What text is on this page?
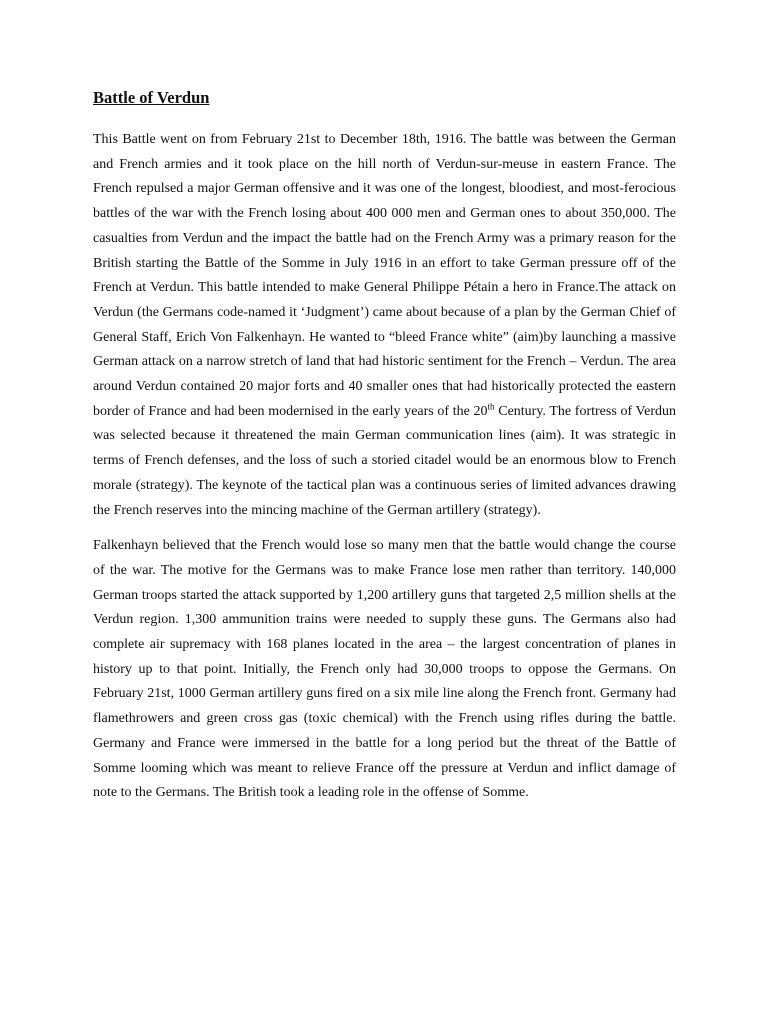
Battle of Verdun

This Battle went on from February 21st to December 18th, 1916. The battle was between the German and French armies and it took place on the hill north of Verdun-sur-meuse in eastern France. The French repulsed a major German offensive and it was one of the longest, bloodiest, and most-ferocious battles of the war with the French losing about 400 000 men and German ones to about 350,000. The casualties from Verdun and the impact the battle had on the French Army was a primary reason for the British starting the Battle of the Somme in July 1916 in an effort to take German pressure off of the French at Verdun. This battle intended to make General Philippe Pétain a hero in France.The attack on Verdun (the Germans code-named it ‘Judgment’) came about because of a plan by the German Chief of General Staff, Erich Von Falkenhayn. He wanted to “bleed France white” (aim)by launching a massive German attack on a narrow stretch of land that had historic sentiment for the French – Verdun. The area around Verdun contained 20 major forts and 40 smaller ones that had historically protected the eastern border of France and had been modernised in the early years of the 20th Century. The fortress of Verdun was selected because it threatened the main German communication lines (aim). It was strategic in terms of French defenses, and the loss of such a storied citadel would be an enormous blow to French morale (strategy). The keynote of the tactical plan was a continuous series of limited advances drawing the French reserves into the mincing machine of the German artillery (strategy).

Falkenhayn believed that the French would lose so many men that the battle would change the course of the war. The motive for the Germans was to make France lose men rather than territory. 140,000 German troops started the attack supported by 1,200 artillery guns that targeted 2,5 million shells at the Verdun region. 1,300 ammunition trains were needed to supply these guns. The Germans also had complete air supremacy with 168 planes located in the area – the largest concentration of planes in history up to that point. Initially, the French only had 30,000 troops to oppose the Germans. On February 21st, 1000 German artillery guns fired on a six mile line along the French front. Germany had flamethrowers and green cross gas (toxic chemical) with the French using rifles during the battle. Germany and France were immersed in the battle for a long period but the threat of the Battle of Somme looming which was meant to relieve France off the pressure at Verdun and inflict damage of note to the Germans. The British took a leading role in the offense of Somme.
